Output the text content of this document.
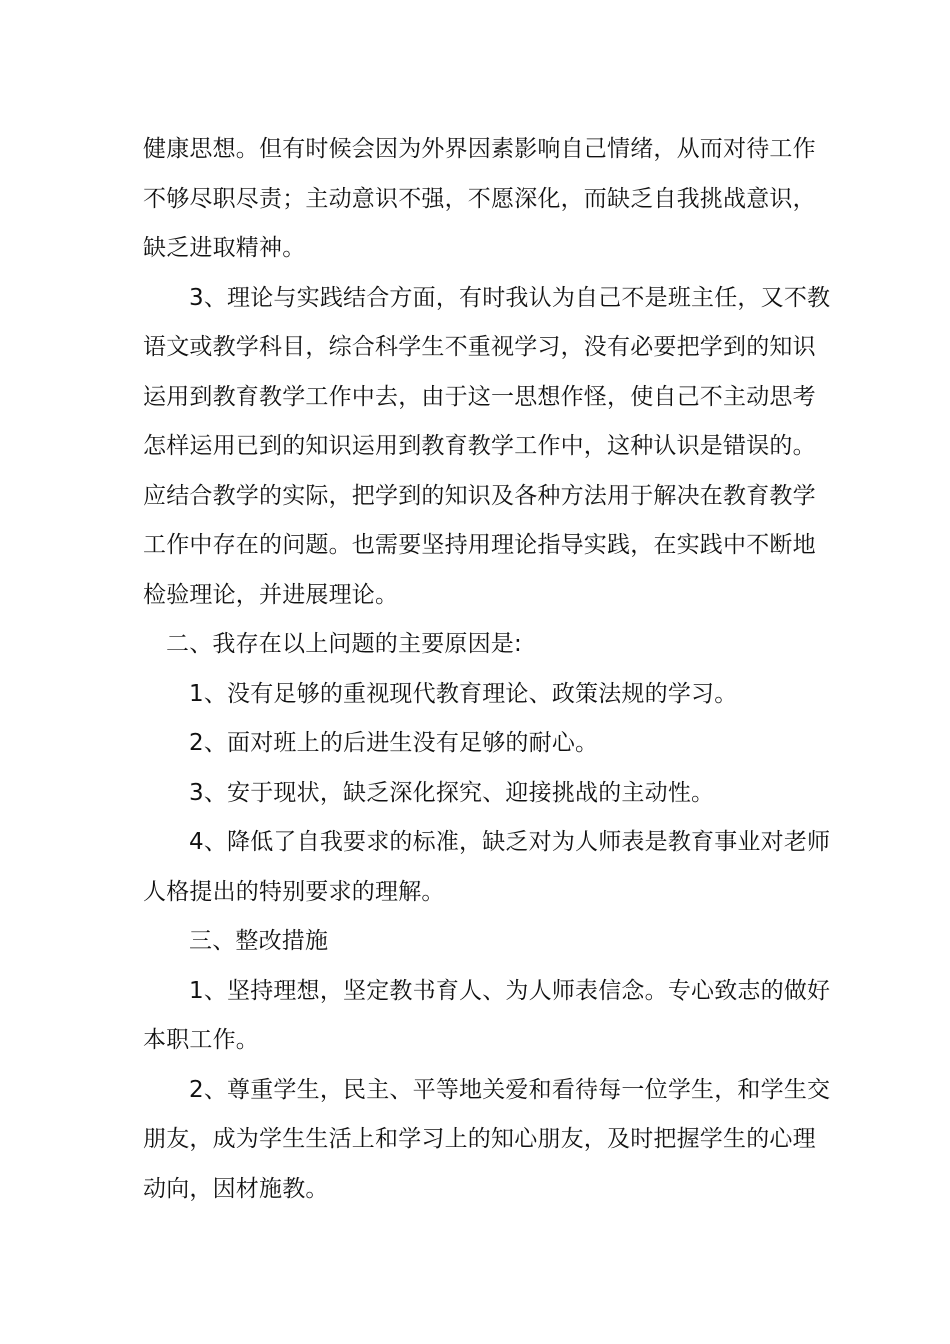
健康思想。但有时候会因为外界因素影响自己情绪，从而对待工作
不够尽职尽责；主动意识不强，不愿深化，而缺乏自我挑战意识，
缺乏进取精神。
3、理论与实践结合方面，有时我认为自己不是班主任，又不教
语文或教学科目，综合科学生不重视学习，没有必要把学到的知识
运用到教育教学工作中去，由于这一思想作怪，使自己不主动思考
怎样运用已到的知识运用到教育教学工作中，这种认识是错误的。
应结合教学的实际，把学到的知识及各种方法用于解决在教育教学
工作中存在的问题。也需要坚持用理论指导实践，在实践中不断地
检验理论，并进展理论。
二、我存在以上问题的主要原因是:
1、没有足够的重视现代教育理论、政策法规的学习。
2、面对班上的后进生没有足够的耐心。
3、安于现状，缺乏深化探究、迎接挑战的主动性。
4、降低了自我要求的标准，缺乏对为人师表是教育事业对老师
人格提出的特别要求的理解。
三、整改措施
1、坚持理想，坚定教书育人、为人师表信念。专心致志的做好
本职工作。
2、尊重学生，民主、平等地关爱和看待每一位学生，和学生交
朋友，成为学生生活上和学习上的知心朋友，及时把握学生的心理
动向，因材施教。
